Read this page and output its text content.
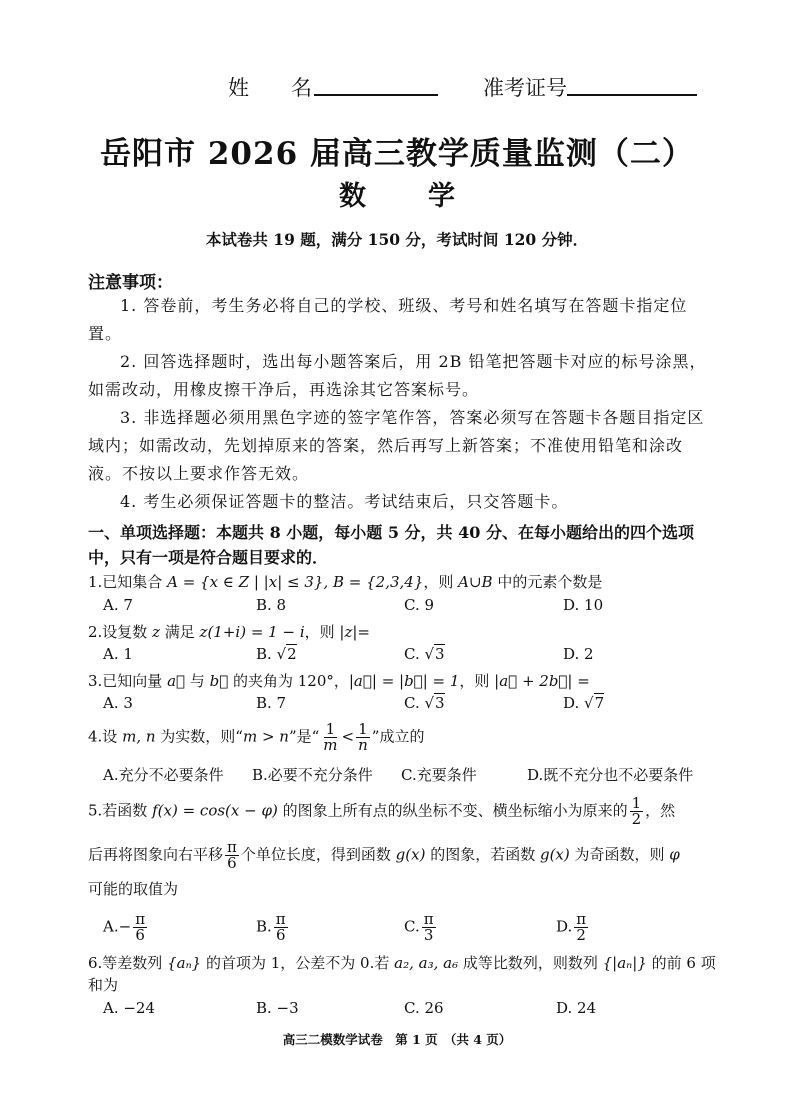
姓　　名	准考证号
岳阳市 2026 届高三教学质量监测（二）
数 学
本试卷共 19 题，满分 150 分，考试时间 120 分钟．
注意事项：
1. 答卷前，考生务必将自己的学校、班级、考号和姓名填写在答题卡指定位置。
2. 回答选择题时，选出每小题答案后，用 2B 铅笔把答题卡对应的标号涂黑，如需改动，用橡皮擦干净后，再选涂其它答案标号。
3. 非选择题必须用黑色字迹的签字笔作答，答案必须写在答题卡各题目指定区域内；如需改动，先划掉原来的答案，然后再写上新答案；不准使用铅笔和涂改液。不按以上要求作答无效。
4. 考生必须保证答题卡的整洁。考试结束后，只交答题卡。
一、单项选择题：本题共 8 小题，每小题 5 分，共 40 分、在每小题给出的四个选项中，只有一项是符合题目要求的．
1.已知集合 A = {x ∈ Z | |x| ≤ 3}, B = {2,3,4}，则 A∪B 中的元素个数是
A. 7	B. 8	C. 9	D. 10
2.设复数 z 满足 z(1+i) = 1 − i，则 |z|=
A. 1	B. √2	C. √3	D. 2
3.已知向量 a⃗ 与 b⃗ 的夹角为 120°，|a⃗| = |b⃗| = 1，则 |a⃗ + 2b⃗| =
A. 3	B. 7	C. √3	D. √7
4.设 m, n 为实数，则“m > n”是“ $\frac{1}{m} < \frac{1}{n}$ ”成立的
A.充分不必要条件 B.必要不充分条件 C.充要条件	D.既不充分也不必要条件
5.若函数 f(x) = cos(x − φ) 的图象上所有点的纵坐标不变、横坐标缩小为原来的 $\frac{1}{2}$ ，然
后再将图象向右平移 $\frac{\pi}{6}$ 个单位长度，得到函数 g(x) 的图象，若函数 g(x) 为奇函数，则 φ
可能的取值为
$A.- \frac{\pi}{6}$	B. $\frac{\pi}{6}$	C. $\frac{\pi}{3}$	D. $\frac{\pi}{2}$
6.等差数列 {aₙ} 的首项为 1，公差不为 0.若 a₂, a₃, a₆ 成等比数列，则数列 {|aₙ|} 的前 6 项
和为
A. −24	B. −3	C. 26	D. 24
高三二模数学试卷　第 1 页　（共 4 页）
